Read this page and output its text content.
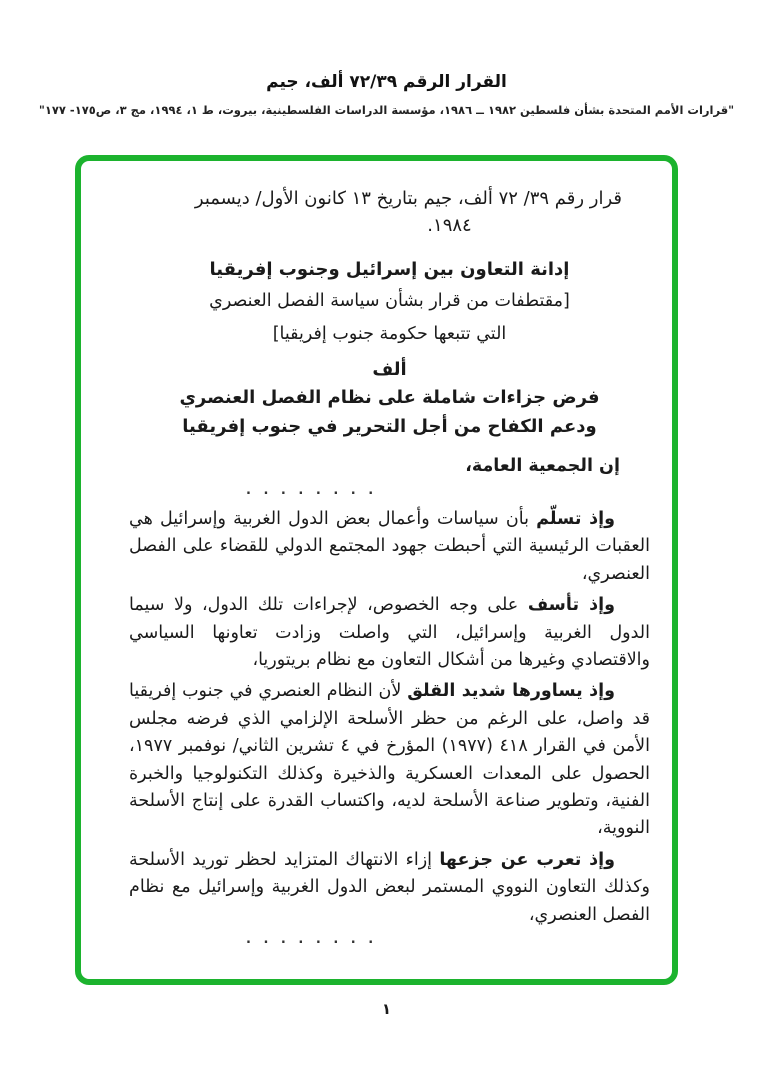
القرار الرقم ٧٢/٣٩ ألف، جيم
"قرارات الأمم المتحدة بشأن فلسطين ١٩٨٢ ــ ١٩٨٦، مؤسسة الدراسات الفلسطينية، بيروت، ط ١، ١٩٩٤، مج ٣، ص١٧٥- ١٧٧"
قرار رقم ٣٩/ ٧٢ ألف، جيم بتاريخ ١٣ كانون الأول/ ديسمبر
١٩٨٤.
إدانة التعاون بين إسرائيل وجنوب إفريقيا
[مقتطفات من قرار بشأن سياسة الفصل العنصري
التي تتبعها حكومة جنوب إفريقيا]
ألف
فرض جزاءات شاملة على نظام الفصل العنصري
ودعم الكفاح من أجل التحرير في جنوب إفريقيا
إن الجمعية العامة،
. . . . . . . .

وإذ تسلّم بأن سياسات وأعمال بعض الدول الغربية وإسرائيل هي العقبات الرئيسية التي أحبطت جهود المجتمع الدولي للقضاء على الفصل العنصري،

وإذ تأسف على وجه الخصوص، لإجراءات تلك الدول، ولا سيما الدول الغربية وإسرائيل، التي واصلت وزادت تعاونها السياسي والاقتصادي وغيرها من أشكال التعاون مع نظام بريتوريا،

وإذ يساورها شديد القلق لأن النظام العنصري في جنوب إفريقيا قد واصل، على الرغم من حظر الأسلحة الإلزامي الذي فرضه مجلس الأمن في القرار ٤١٨ (١٩٧٧) المؤرخ في ٤ تشرين الثاني/ نوفمبر ١٩٧٧، الحصول على المعدات العسكرية والذخيرة وكذلك التكنولوجيا والخبرة الفنية، وتطوير صناعة الأسلحة لديه، واكتساب القدرة على إنتاج الأسلحة النووية،

وإذ تعرب عن جزعها إزاء الانتهاك المتزايد لحظر توريد الأسلحة وكذلك التعاون النووي المستمر لبعض الدول الغربية وإسرائيل مع نظام الفصل العنصري،

. . . . . . . .
١
